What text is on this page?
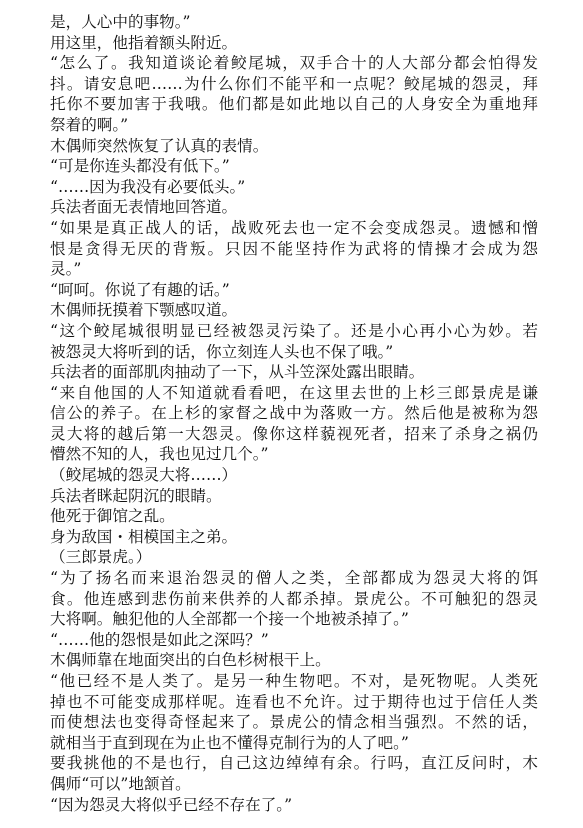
是，人心中的事物。”
用这里，他指着额头附近。
“怎么了。我知道谈论着鲛尾城，双手合十的人大部分都会怕得发
抖。请安息吧……为什么你们不能平和一点呢？鲛尾城的怨灵，拜
托你不要加害于我哦。他们都是如此地以自己的人身安全为重地拜
祭着的啊。”
木偶师突然恢复了认真的表情。
“可是你连头都没有低下。”
“……因为我没有必要低头。”
兵法者面无表情地回答道。
“如果是真正战人的话，战败死去也一定不会变成怨灵。遗憾和憎
恨是贪得无厌的背叛。只因不能坚持作为武将的情操才会成为怨
灵。”
“呵呵。你说了有趣的话。”
木偶师抚摸着下颚感叹道。
“这个鲛尾城很明显已经被怨灵污染了。还是小心再小心为妙。若
被怨灵大将听到的话，你立刻连人头也不保了哦。”
兵法者的面部肌肉抽动了一下，从斗笠深处露出眼睛。
“来自他国的人不知道就看看吧，在这里去世的上杉三郎景虎是谦
信公的养子。在上杉的家督之战中为落败一方。然后他是被称为怨
灵大将的越后第一大怨灵。像你这样藐视死者，招来了杀身之祸仍
懵然不知的人，我也见过几个。”
（鲛尾城的怨灵大将……）
兵法者眯起阴沉的眼睛。
他死于御馆之乱。
身为敌国・相模国主之弟。
（三郎景虎。）
“为了扬名而来退治怨灵的僧人之类，全部都成为怨灵大将的饵
食。他连感到悲伤前来供养的人都杀掉。景虎公。不可触犯的怨灵
大将啊。触犯他的人全部都一个接一个地被杀掉了。”
“……他的怨恨是如此之深吗？”
木偶师靠在地面突出的白色杉树根干上。
“他已经不是人类了。是另一种生物吧。不对，是死物呢。人类死
掉也不可能变成那样呢。连看也不允许。过于期待也过于信任人类
而使想法也变得奇怪起来了。景虎公的情念相当强烈。不然的话，
就相当于直到现在为止也不懂得克制行为的人了吧。”
要我挑他的不是也行，自己这边绰绰有余。行吗，直江反问时，木
偶师“可以”地颔首。
“因为怨灵大将似乎已经不存在了。”
